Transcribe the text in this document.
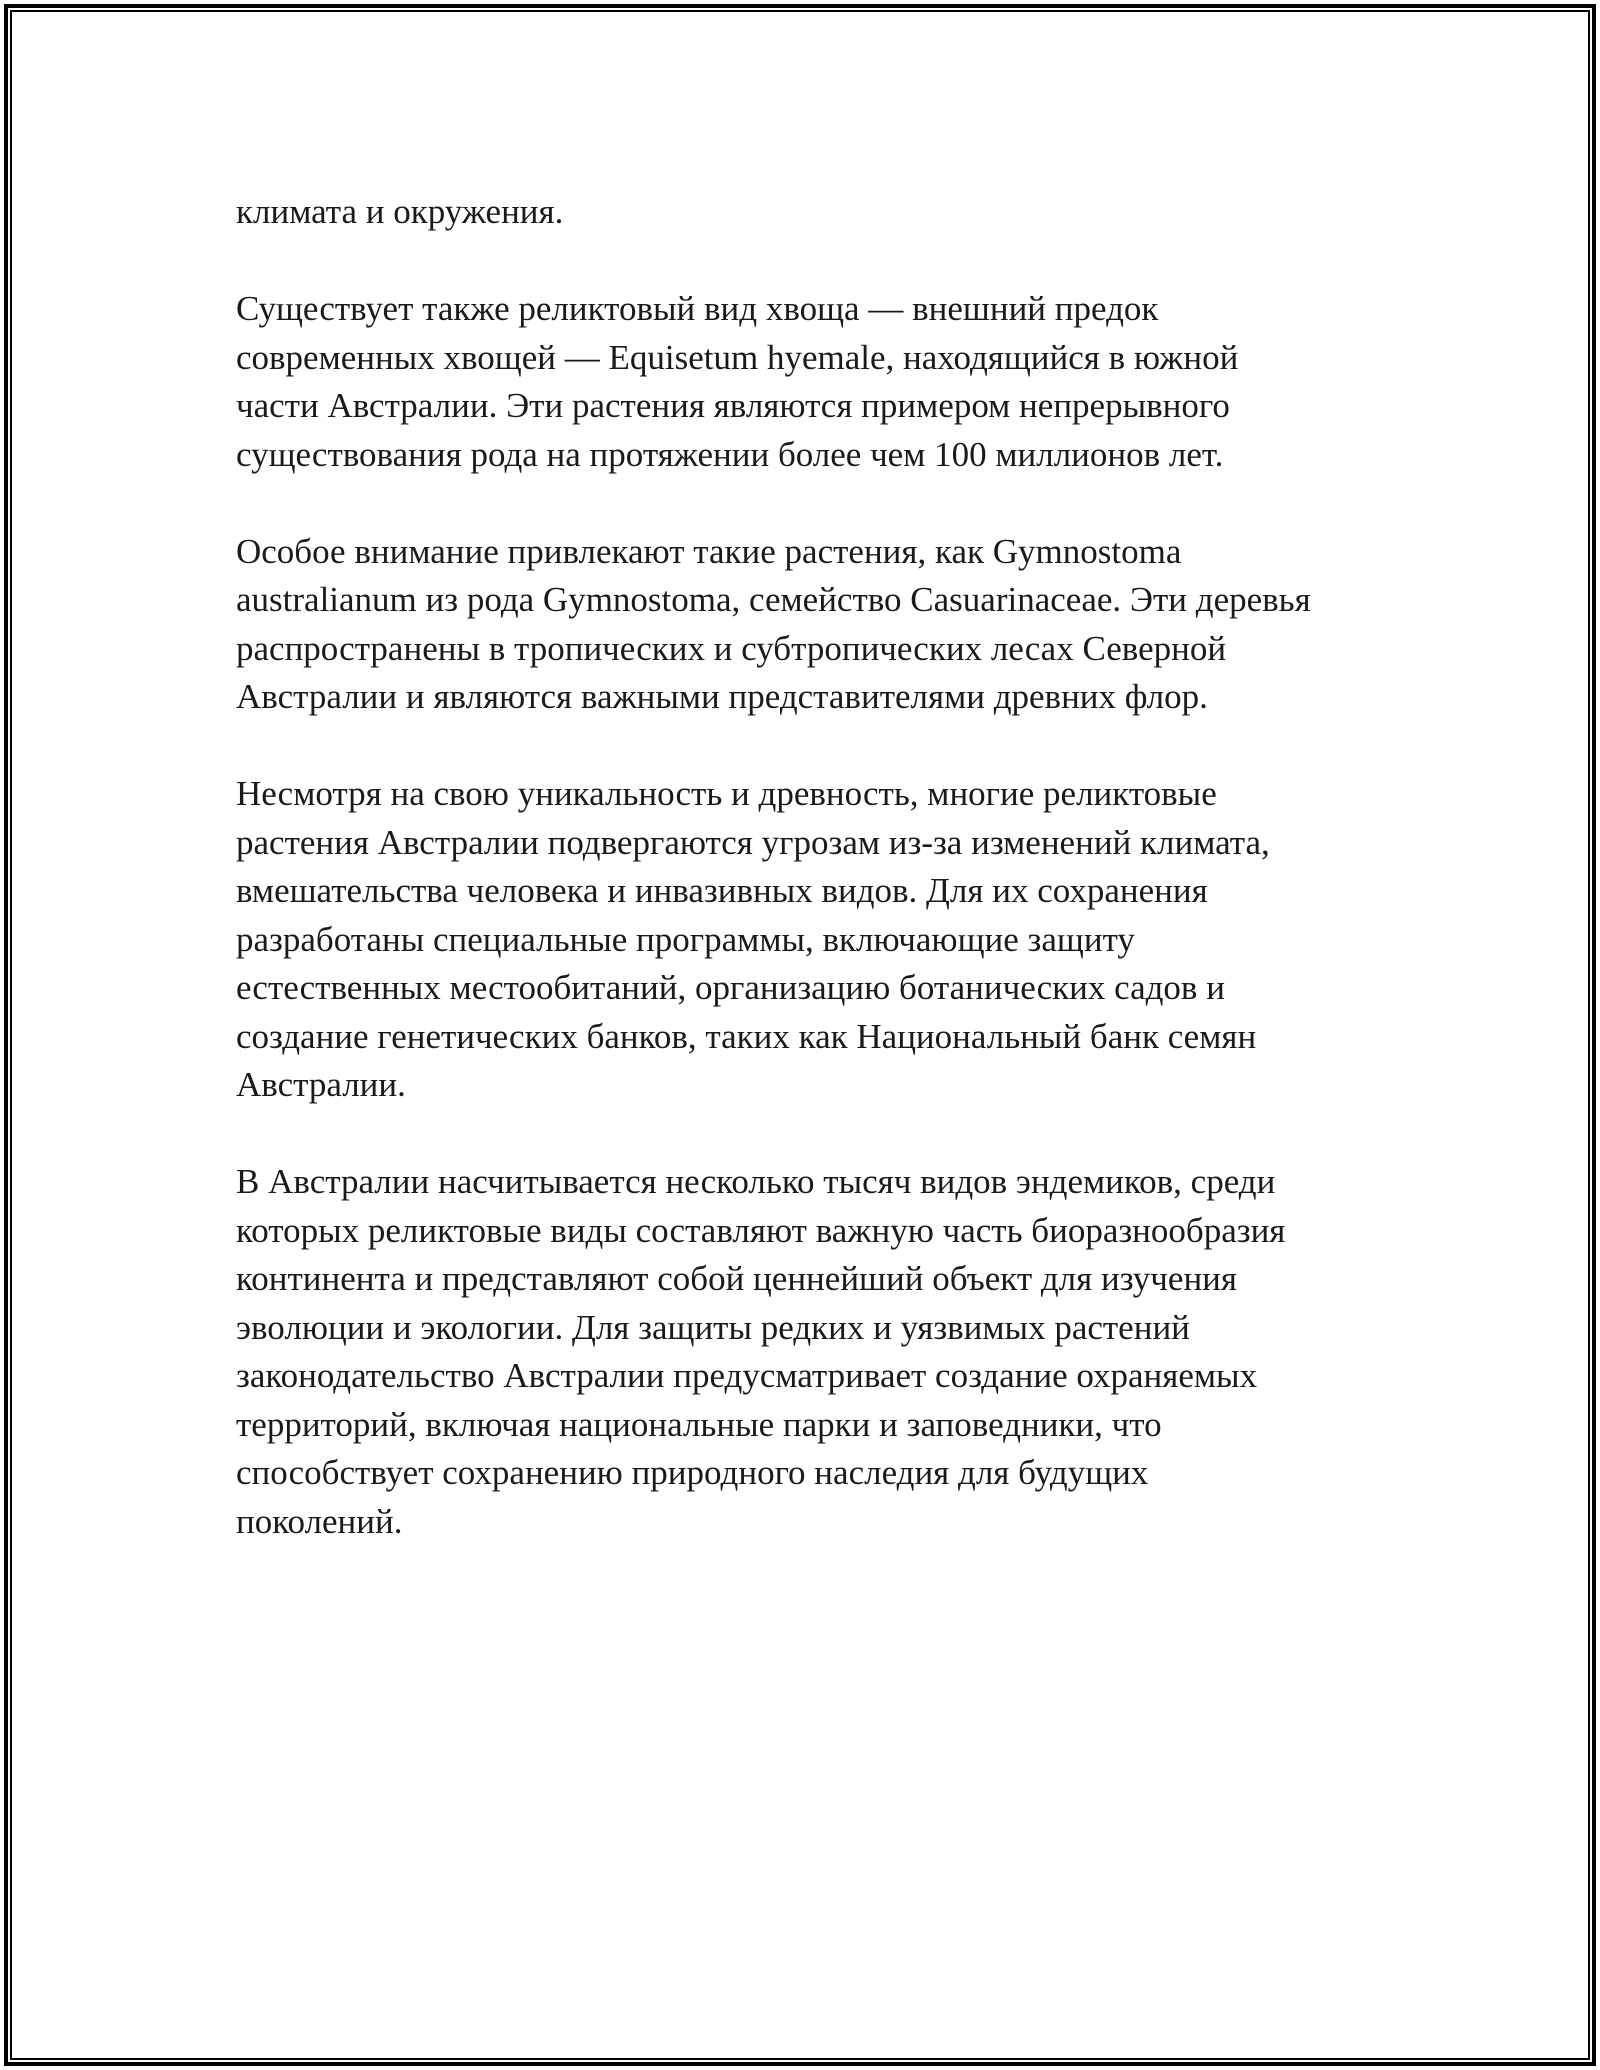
климата и окружения.

Существует также реликтовый вид хвоща — внешний предок
современных хвощей — Equisetum hyemale, находящийся в южной
части Австралии. Эти растения являются примером непрерывного
существования рода на протяжении более чем 100 миллионов лет.

Особое внимание привлекают такие растения, как Gymnostoma
australianum из рода Gymnostoma, семейство Casuarinaceae. Эти деревья
распространены в тропических и субтропических лесах Северной
Австралии и являются важными представителями древних флор.

Несмотря на свою уникальность и древность, многие реликтовые
растения Австралии подвергаются угрозам из-за изменений климата,
вмешательства человека и инвазивных видов. Для их сохранения
разработаны специальные программы, включающие защиту
естественных местообитаний, организацию ботанических садов и
создание генетических банков, таких как Национальный банк семян
Австралии.

В Австралии насчитывается несколько тысяч видов эндемиков, среди
которых реликтовые виды составляют важную часть биоразнообразия
континента и представляют собой ценнейший объект для изучения
эволюции и экологии. Для защиты редких и уязвимых растений
законодательство Австралии предусматривает создание охраняемых
территорий, включая национальные парки и заповедники, что
способствует сохранению природного наследия для будущих
поколений.
